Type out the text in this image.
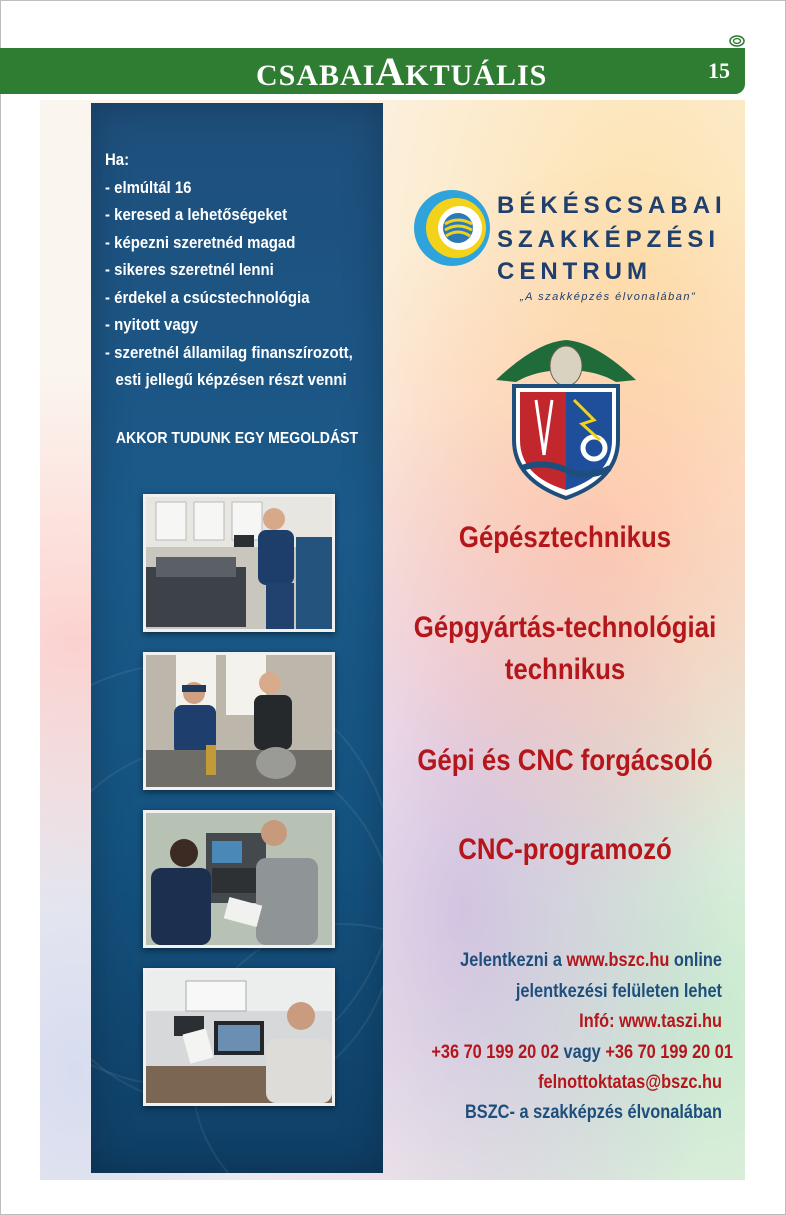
CSABAIAKTUÁLIS	15
Ha:
- elmúltál 16
- keresed a lehetőségeket
- képezni szeretnéd magad
- sikeres szeretnél lenni
- érdekel a csúcstechnológia
- nyitott vagy
- szeretnél államilag finanszírozott,
esti jellegű képzésen részt venni
AKKOR TUDUNK EGY MEGOLDÁST
BÉKÉSCSABAI
SZAKKÉPZÉSI
CENTRUM
„A szakképzés élvonalában”
Gépésztechnikus
Gépgyártás-technológiai
technikus
Gépi és CNC forgácsoló
CNC-programozó
Jelentkezni a www.bszc.hu online
jelentkezési felületen lehet
Infó: www.taszi.hu
+36 70 199 20 02 vagy +36 70 199 20 01
felnottoktatas@bszc.hu
BSZC- a szakképzés élvonalában
